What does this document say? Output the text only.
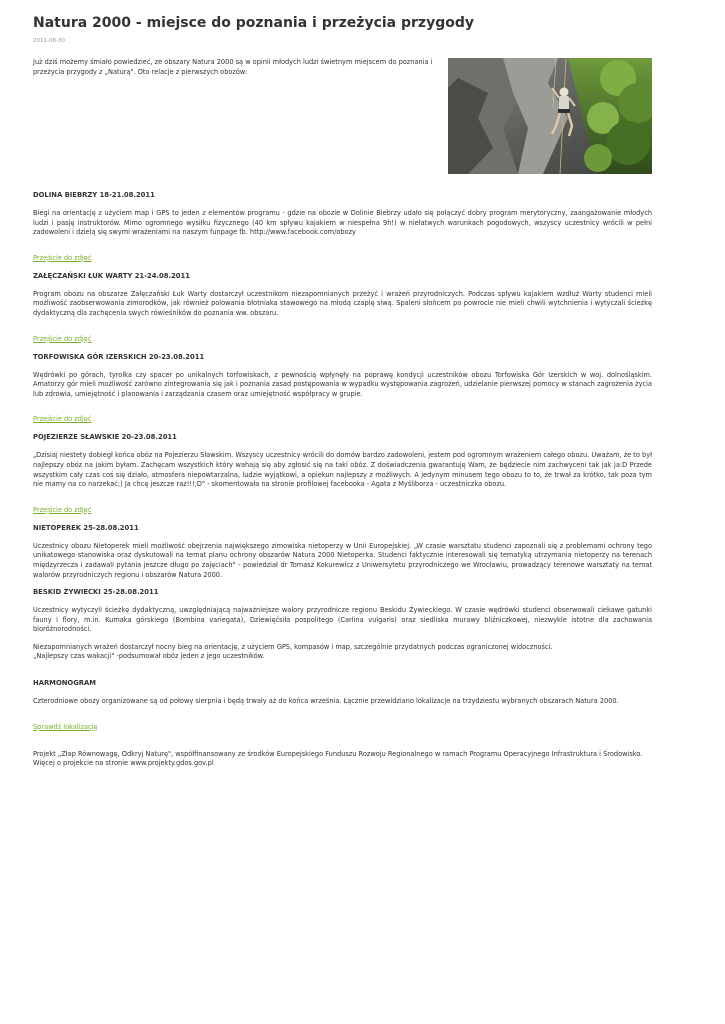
Natura 2000 - miejsce do poznania i przeżycia przygody
2011-08-30

Już dziś możemy śmiało powiedzieć, ze obszary Natura 2000 są w opinii młodych ludzi świetnym miejscem do poznania i przeżycia przygody z „Naturą". Oto relacje z pierwszych obozów:

DOLINA BIEBRZY 18-21.08.2011

Biegi na orientację z użyciem map i GPS to jeden z elementów programu - gdzie na obozie w Dolinie Biebrzy udało się połączyć dobry program merytoryczny, zaangażowanie młodych ludzi i pasję instruktorów. Mimo ogromnego wysiłku fizycznego (40 km spływu kajakiem w niespełna 9h!) w niełatwych warunkach pogodowych, wszyscy uczestnicy wrócili w pełni zadowoleni i dzielą się swymi wrażeniami na naszym funpage fb. http://www.facebook.com/obozy

Przejście do zdjęć
ZAŁĘCZAŃSKI ŁUK WARTY 21-24.08.2011

Program obozu na obszarze Załęczański Łuk Warty dostarczył uczestnikom niezapomnianych przeżyć i wrażeń przyrodniczych. Podczas spływu kajakiem wzdłuż Warty studenci mieli możliwość zaobserwowania zimorodków, jak również polowania błotniaka stawowego na młodą czaplę siwą. Spaleni słońcem po powrocie nie mieli chwili wytchnienia i wytyczali ścieżkę dydaktyczną dla zachęcenia swych rówieśników do poznania ww. obszaru.

Przejście do zdjęć
TORFOWISKA GÓR IZERSKICH 20-23.08.2011

Wędrówki po górach, tyrolka czy spacer po unikalnych torfowiskach, z pewnością wpłynęły na poprawę kondycji uczestników obozu Torfowiska Gór Izerskich w woj. dolnośląskim. Amatorzy gór mieli możliwość zarówno zintegrowania się jak i poznania zasad postępowania w wypadku występowania zagrożeń, udzielanie pierwszej pomocy w stanach zagrożenia życia lub zdrowia, umiejętność i planowania i zarządzania czasem oraz umiejętność współpracy w grupie.

Przejście do zdjęć
POJEZIERZE SŁAWSKIE 20-23.08.2011

„Dzisiaj niestety dobiegł końca obóz na Pojezierzu Sławskim. Wszyscy uczestnicy wrócili do domów bardzo zadowoleni, jestem pod ogromnym wrażeniem całego obozu. Uważam, że to był najlepszy obóz na jakim byłam. Zachęcam wszystkich który wahają się aby zgłosić się na taki obóz. Z doświadczenia gwarantuję Wam, że będziecie nim zachwyceni tak jak ja:D Przede wszystkim cały czas coś się działo, atmosfera niepowtarzalna, ludzie wyjątkowi, a opiekun najlepszy z możliwych. A jedynym minusem tego obozu to to, że trwał za krótko, tak poza tym nie mamy na co narzekać;) Ja chcę jeszcze raz!!!;D" - skomentowała na stronie profilowej facebooka - Agata z Myśliborza - uczestniczka obozu.

Przejście do zdjęć
NIETOPEREK 25-28.08.2011

Uczestnicy obozu Nietoperek mieli możliwość obejrzenia największego zimowiska nietoperzy w Unii Europejskiej. „W czasie warsztatu studenci zapoznali się z problemami ochrony tego unikatowego stanowiska oraz dyskutowali na temat planu ochrony obszarów Natura 2000 Nietoperka. Studenci faktycznie interesowali się tematyką utrzymania nietoperzy na terenach międzyrzecza i zadawali pytania jeszcze długo po zajęciach" - powiedział dr Tomasz Kokurewicz z Uniwersytetu przyrodniczego we Wrocławiu, prowadzący terenowe warsztaty na temat walorów przyrodniczych regionu i obszarów Natura 2000.

BESKID ŻYWIECKI 25-28.08.2011

Uczestnicy wytyczyli ścieżkę dydaktyczną, uwzględniającą najważniejsze walory przyrodnicze regionu Beskidu Żywieckiego. W czasie wędrówki studenci obserwowali ciekawe gatunki fauny i flory, m.in. Kumaka górskiego (Bombina variegata), Dziewięćsiła pospolitego (Carlina vulgaris) oraz siedliska murawy bliźniczkowej, niezwykle istotne dla zachowania bioróżnorodności.

Niezapomnianych wrażeń dostarczył nocny bieg na orientację, z użyciem GPS, kompasów i map, szczególnie przydatnych podczas ograniczonej widoczności.

„Najlepszy czas wakacji" -podsumował obóz jeden z jego uczestników.

HARMONOGRAM

Czterodniowe obozy organizowane są od połowy sierpnia i będą trwały aż do końca września. Łącznie przewidziano lokalizacje na trzydziestu wybranych obszarach Natura 2000.

Sprawdź lokalizację

Projekt „Złap Równowagę, Odkryj Naturę", współfinansowany ze środków Europejskiego Funduszu Rozwoju Regionalnego w ramach Programu Operacyjnego Infrastruktura i Środowisko.

Więcej o projekcie na stronie www.projekty.gdos.gov.pl
